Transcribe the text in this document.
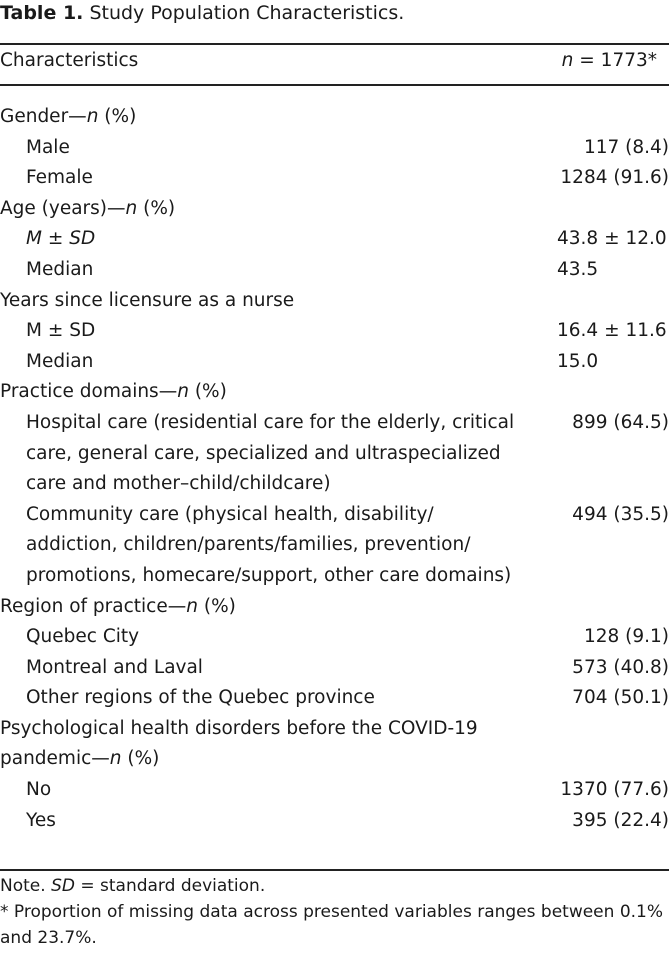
Table 1. Study Population Characteristics.
Characteristics	n = 1773*

Gender—n (%)	
Male	117 (8.4)
Female	1284 (91.6)
Age (years)—n (%)	
M ± SD	43.8 ± 12.0
Median	43.5
Years since licensure as a nurse	
M ± SD	16.4 ± 11.6
Median	15.0
Practice domains—n (%)	
Hospital care (residential care for the elderly, critical care, general care, specialized and ultraspecialized care and mother–child/childcare)	899 (64.5)
Community care (physical health, disability/ addiction, children/parents/families, prevention/ promotions, homecare/support, other care domains)	494 (35.5)
Region of practice—n (%)	
Quebec City	128 (9.1)
Montreal and Laval	573 (40.8)
Other regions of the Quebec province	704 (50.1)
Psychological health disorders before the COVID-19 pandemic—n (%)	
No	1370 (77.6)
Yes	395 (22.4)
Note. SD = standard deviation.
* Proportion of missing data across presented variables ranges between 0.1% and 23.7%.
